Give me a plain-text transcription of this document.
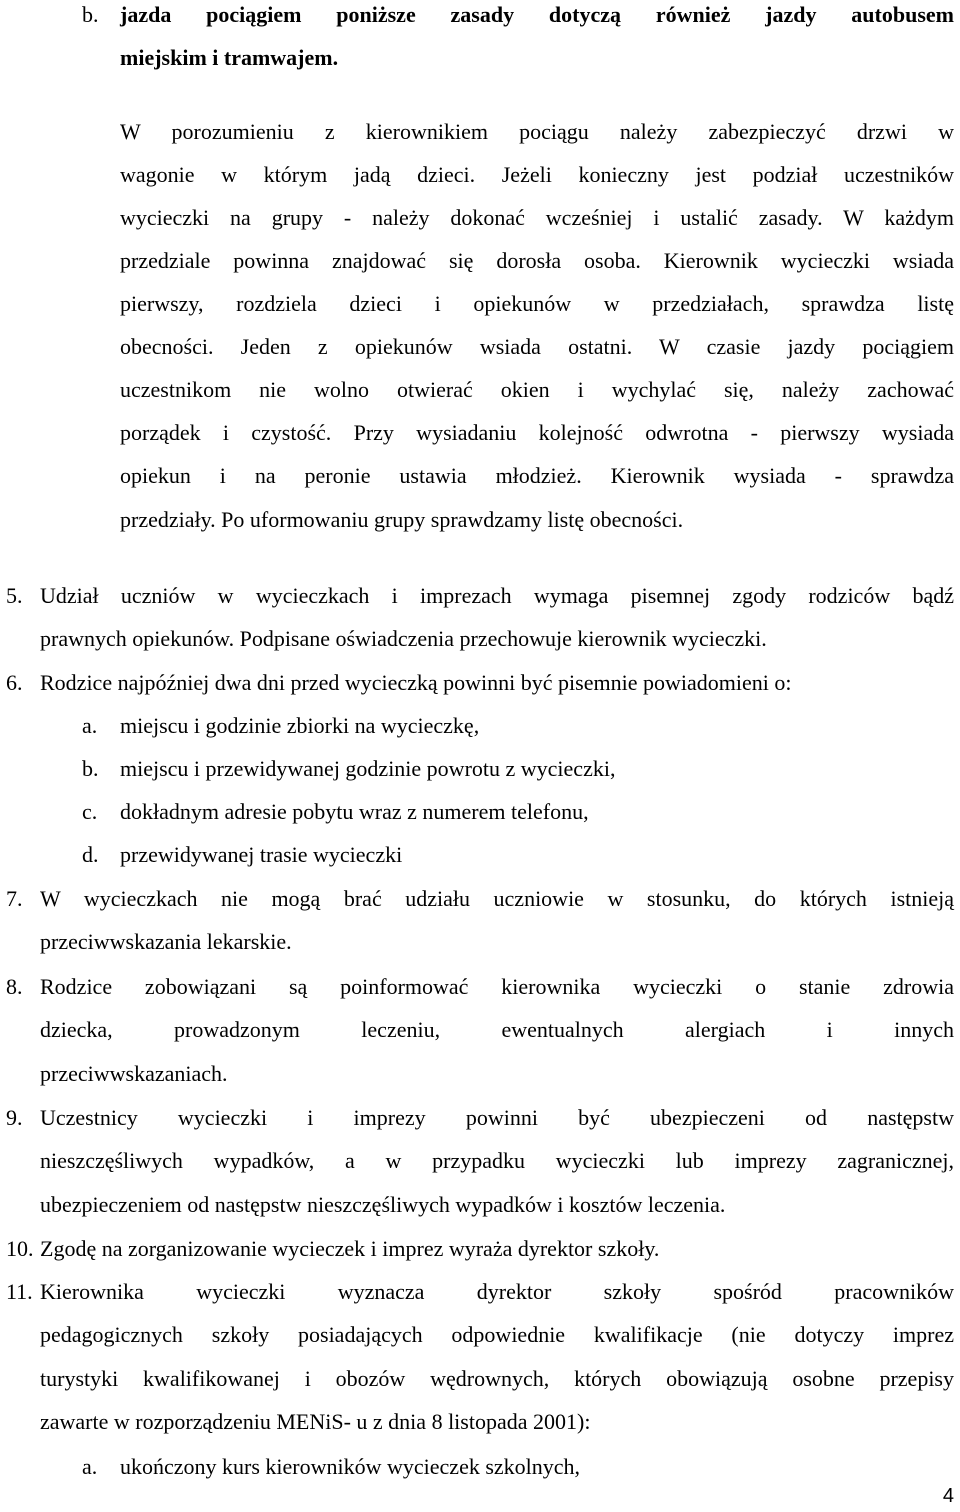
b. jazda pociągiem poniższe zasady dotyczą również jazdy autobusem
miejskim i tramwajem.
W porozumieniu z kierownikiem pociągu należy zabezpieczyć drzwi w
wagonie w którym jadą dzieci. Jeżeli konieczny jest podział uczestników
wycieczki na grupy - należy dokonać wcześniej i ustalić zasady. W każdym
przedziale powinna znajdować się dorosła osoba. Kierownik wycieczki wsiada
pierwszy, rozdziela dzieci i opiekunów w przedziałach, sprawdza listę
obecności. Jeden z opiekunów wsiada ostatni. W czasie jazdy pociągiem
uczestnikom nie wolno otwierać okien i wychylać się, należy zachować
porządek i czystość. Przy wysiadaniu kolejność odwrotna - pierwszy wysiada
opiekun i na peronie ustawia młodzież. Kierownik wysiada - sprawdza
przedziały. Po uformowaniu grupy sprawdzamy listę obecności.
5. Udział uczniów w wycieczkach i imprezach wymaga pisemnej zgody rodziców bądź
prawnych opiekunów. Podpisane oświadczenia przechowuje kierownik wycieczki.
6. Rodzice najpóźniej dwa dni przed wycieczką powinni być pisemnie powiadomieni o:
a. miejscu i godzinie zbiorki na wycieczkę,
b. miejscu i przewidywanej godzinie powrotu z wycieczki,
c. dokładnym adresie pobytu wraz z numerem telefonu,
d. przewidywanej trasie wycieczki
7. W wycieczkach nie mogą brać udziału uczniowie w stosunku, do których istnieją
przeciwwskazania lekarskie.
8. Rodzice zobowiązani są poinformować kierownika wycieczki o stanie zdrowia
dziecka, prowadzonym leczeniu, ewentualnych alergiach i innych
przeciwwskazaniach.
9. Uczestnicy wycieczki i imprezy powinni być ubezpieczeni od następstw
nieszczęśliwych wypadków, a w przypadku wycieczki lub imprezy zagranicznej,
ubezpieczeniem od następstw nieszczęśliwych wypadków i kosztów leczenia.
10. Zgodę na zorganizowanie wycieczek i imprez wyraża dyrektor szkoły.
11. Kierownika wycieczki wyznacza dyrektor szkoły spośród pracowników
pedagogicznych szkoły posiadających odpowiednie kwalifikacje (nie dotyczy imprez
turystyki kwalifikowanej i obozów wędrownych, których obowiązują osobne przepisy
zawarte w rozporządzeniu MENiS- u z dnia 8 listopada 2001):
a. ukończony kurs kierowników wycieczek szkolnych,
4
